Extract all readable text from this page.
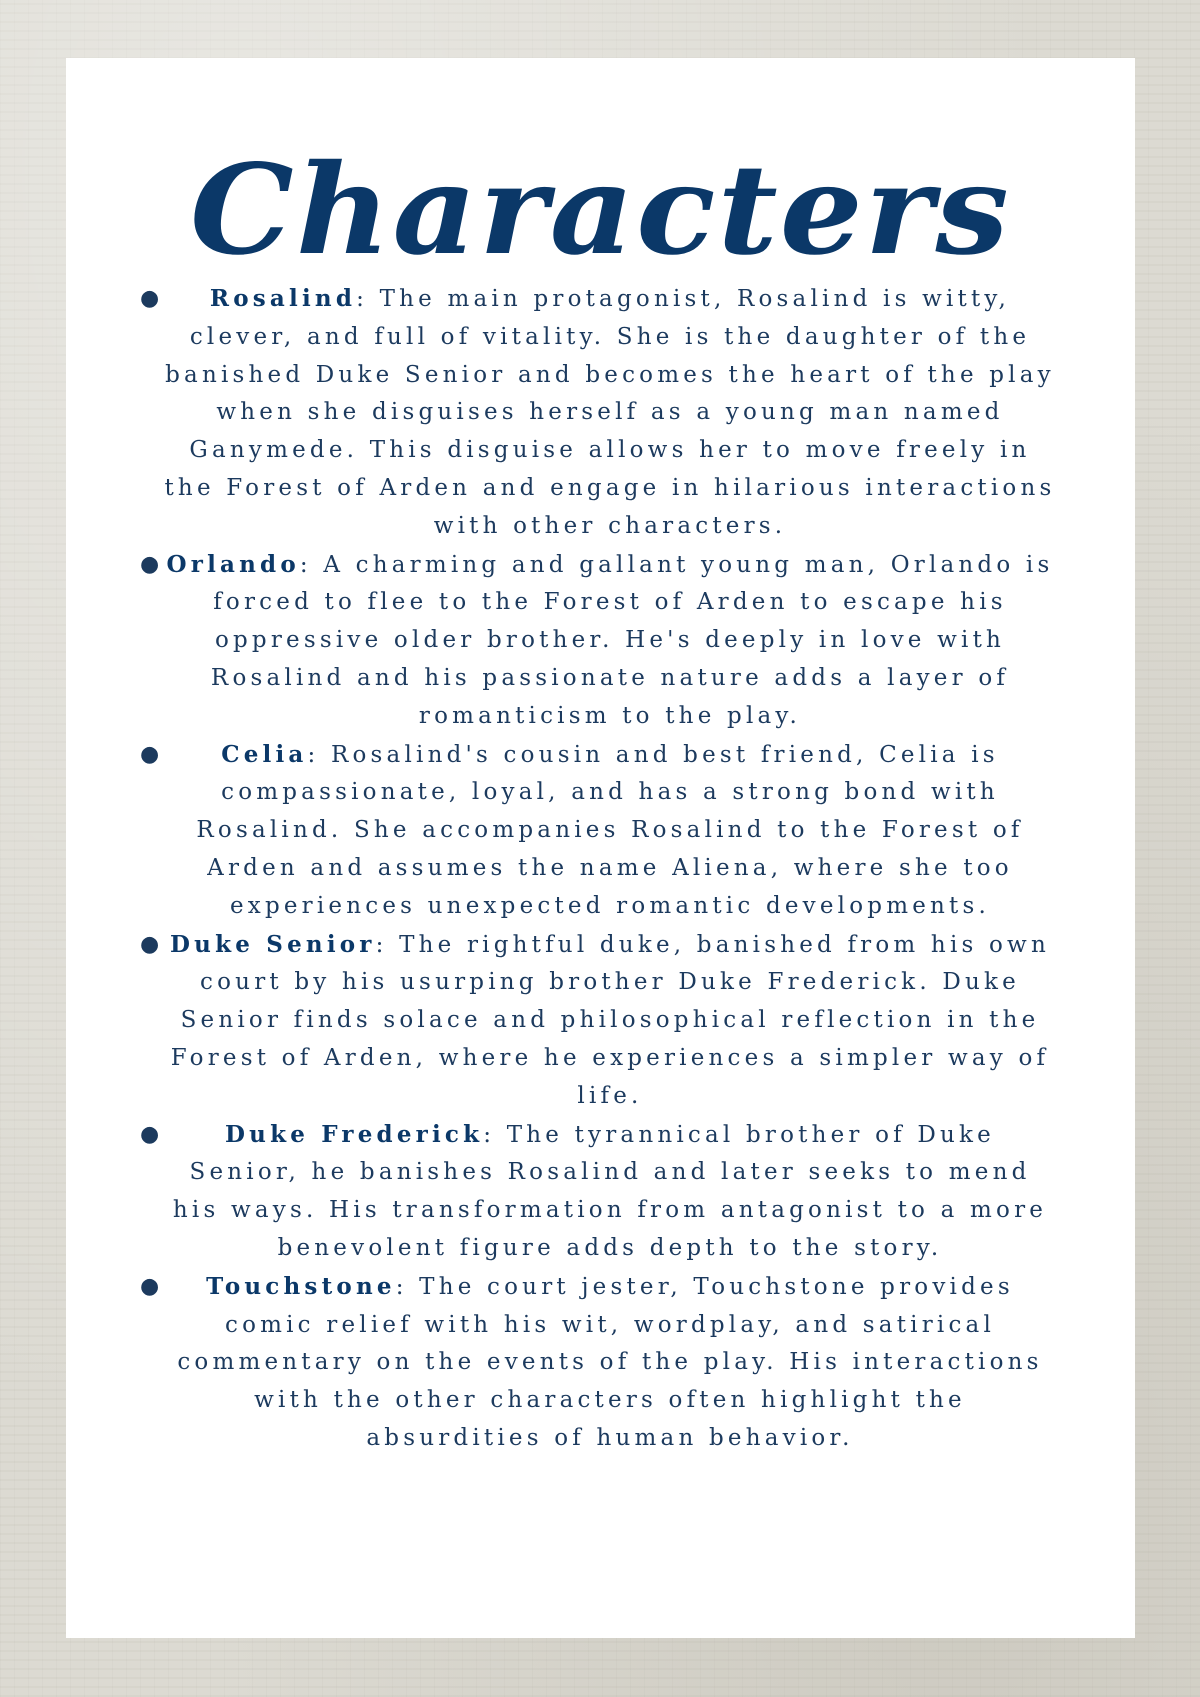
Characters
● Rosalind: The main protagonist, Rosalind is witty, clever, and full of vitality. She is the daughter of the banished Duke Senior and becomes the heart of the play when she disguises herself as a young man named Ganymede. This disguise allows her to move freely in the Forest of Arden and engage in hilarious interactions with other characters.
● Orlando: A charming and gallant young man, Orlando is forced to flee to the Forest of Arden to escape his oppressive older brother. He's deeply in love with Rosalind and his passionate nature adds a layer of romanticism to the play.
●	Celia: Rosalind's cousin and best friend, Celia is compassionate, loyal, and has a strong bond with Rosalind. She accompanies Rosalind to the Forest of Arden and assumes the name Aliena, where she too experiences unexpected romantic developments.
● Duke Senior: The rightful duke, banished from his own court by his usurping brother Duke Frederick. Duke Senior finds solace and philosophical reflection in the Forest of Arden, where he experiences a simpler way of life.
●	Duke Frederick: The tyrannical brother of Duke Senior, he banishes Rosalind and later seeks to mend his ways. His transformation from antagonist to a more benevolent figure adds depth to the story.
● Touchstone: The court jester, Touchstone provides comic relief with his wit, wordplay, and satirical commentary on the events of the play. His interactions with the other characters often highlight the absurdities of human behavior.
